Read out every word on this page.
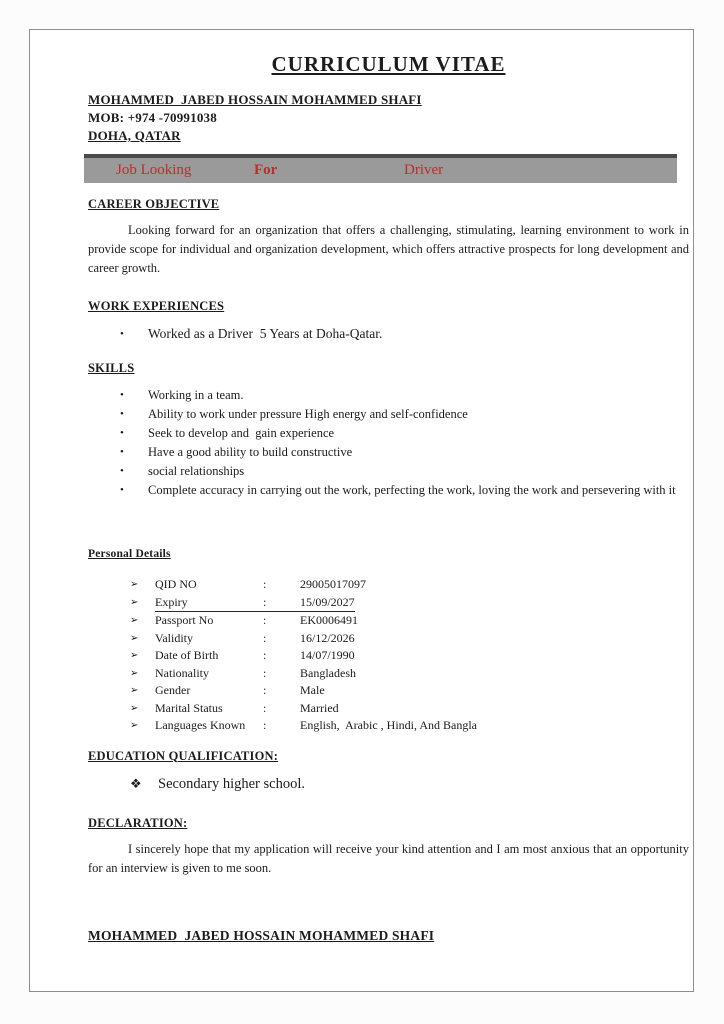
CURRICULUM VITAE
MOHAMMED  JABED HOSSAIN MOHAMMED SHAFI
MOB: +974 -70991038
DOHA, QATAR
Job Looking	For	Driver
CAREER OBJECTIVE

Looking forward for an organization that offers a challenging, stimulating, learning environment to work in provide scope for individual and organization development, which offers attractive prospects for long development and career growth.

WORK EXPERIENCES
•	Worked as a Driver  5 Years at Doha-Qatar.
SKILLS
•	Working in a team.
•	Ability to work under pressure High energy and self-confidence
•	Seek to develop and  gain experience
•	Have a good ability to build constructive
•	social relationships
•	Complete accuracy in carrying out the work, perfecting the work, loving the work and persevering with it
Personal Details
➢	QID NO	:	29005017097
➢	Expiry	:	15/09/2027
➢	Passport No	:	EK0006491
➢	Validity	:	16/12/2026
➢	Date of Birth	:	14/07/1990
➢	Nationality	:	Bangladesh
➢	Gender	:	Male
➢	Marital Status	:	Married
➢	Languages Known	:	English,  Arabic , Hindi, And Bangla
EDUCATION QUALIFICATION:
❖	Secondary higher school.
DECLARATION:

I sincerely hope that my application will receive your kind attention and I am most anxious that an opportunity for an interview is given to me soon.

MOHAMMED  JABED HOSSAIN MOHAMMED SHAFI
